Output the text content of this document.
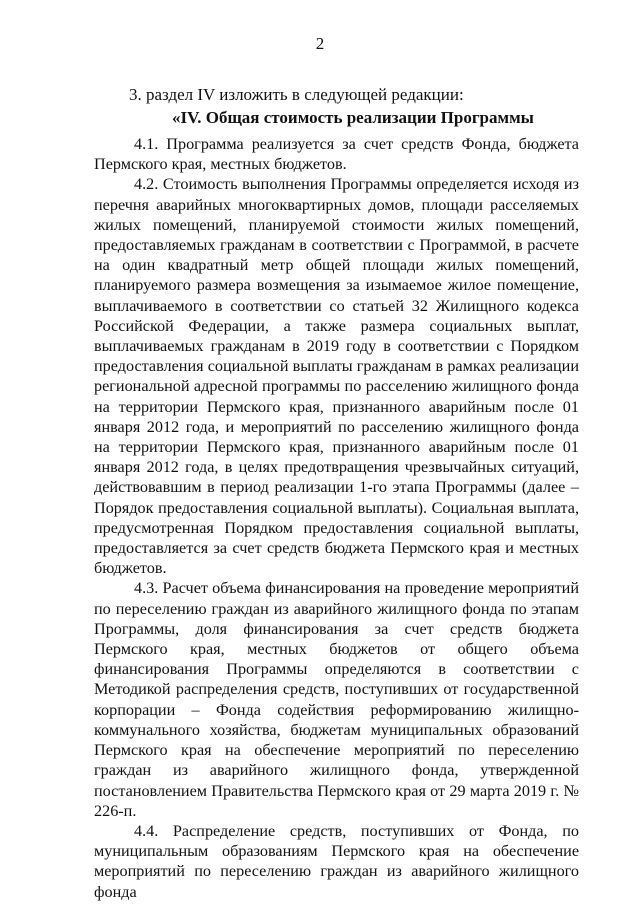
2
3. раздел IV изложить в следующей редакции:
«IV. Общая стоимость реализации Программы

4.1. Программа реализуется за счет средств Фонда, бюджета Пермского края, местных бюджетов.

4.2. Стоимость выполнения Программы определяется исходя из перечня аварийных многоквартирных домов, площади расселяемых жилых помещений, планируемой стоимости жилых помещений, предоставляемых гражданам в соответствии с Программой, в расчете на один квадратный метр общей площади жилых помещений, планируемого размера возмещения за изымаемое жилое помещение, выплачиваемого в соответствии со статьей 32 Жилищного кодекса Российской Федерации, а также размера социальных выплат, выплачиваемых гражданам в 2019 году в соответствии с Порядком предоставления социальной выплаты гражданам в рамках реализации региональной адресной программы по расселению жилищного фонда на территории Пермского края, признанного аварийным после 01 января 2012 года, и мероприятий по расселению жилищного фонда на территории Пермского края, признанного аварийным после 01 января 2012 года, в целях предотвращения чрезвычайных ситуаций, действовавшим в период реализации 1-го этапа Программы (далее – Порядок предоставления социальной выплаты). Социальная выплата, предусмотренная Порядком предоставления социальной выплаты, предоставляется за счет средств бюджета Пермского края и местных бюджетов.

4.3. Расчет объема финансирования на проведение мероприятий по переселению граждан из аварийного жилищного фонда по этапам Программы, доля финансирования за счет средств бюджета Пермского края, местных бюджетов от общего объема финансирования Программы определяются в соответствии с Методикой распределения средств, поступивших от государственной корпорации – Фонда содействия реформированию жилищно-коммунального хозяйства, бюджетам муниципальных образований Пермского края на обеспечение мероприятий по переселению граждан из аварийного жилищного фонда, утвержденной постановлением Правительства Пермского края от 29 марта 2019 г. № 226-п.

4.4. Распределение средств, поступивших от Фонда, по муниципальным образованиям Пермского края на обеспечение мероприятий по переселению граждан из аварийного жилищного фонда
